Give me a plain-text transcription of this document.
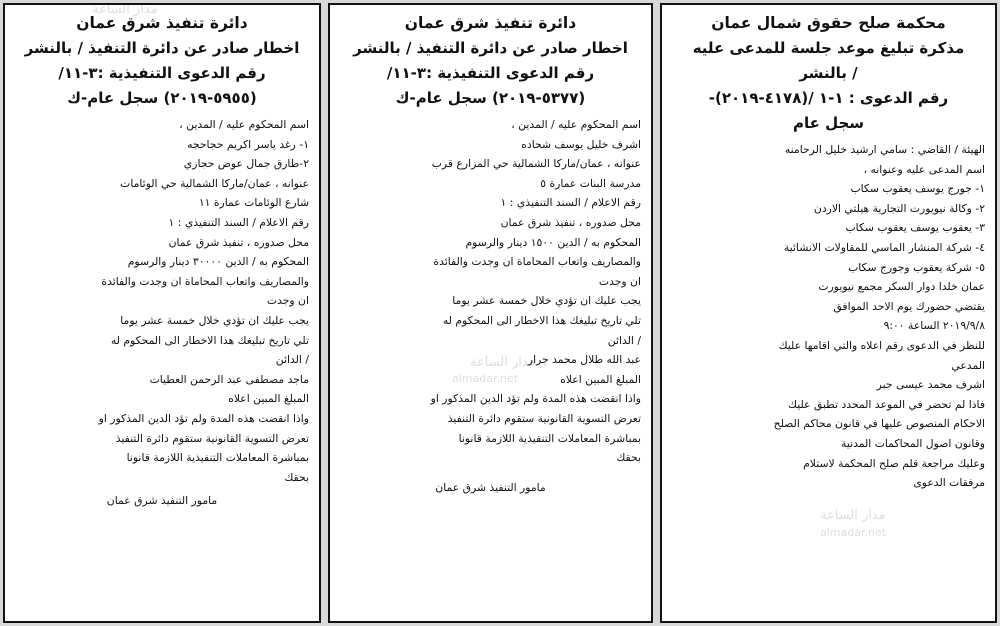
محكمة صلح حقوق شمال عمان

مذكرة تبليغ موعد جلسة للمدعى عليه

/ بالنشر

رقم الدعوى : ١-١ /(٤١٧٨-٢٠١٩)-

سجل عام

الهيئة / القاضي : سامي ارشيد خليل الرحامنه

اسم المدعى عليه وعنوانه ،

١- جورج يوسف يعقوب سكاب

٢- وكالة نيويورت التجارية هيلتي الاردن

٣- يعقوب يوسف يعقوب سكاب

٤- شركة المنشار الماسي للمقاولات الانشائية

٥- شركة يعقوب وجورج سكاب

عمان خلدا دوار السكر مجمع نيويورت

يقتضي حضورك يوم الاحد الموافق

٢٠١٩/٩/٨ الساعة ٩:٠٠

للنظر في الدعوى رقم اعلاه والتي اقامها عليك

المدعي

اشرف محمد عيسى جبر

فاذا لم تحضر في الموعد المحدد تطبق عليك

الاحكام المنصوص عليها في قانون محاكم الصلح

وقانون اصول المحاكمات المدنية

وعليك مراجعة قلم صلح المحكمة لاستلام

مرفقات الدعوى

دائرة تنفيذ شرق عمان

اخطار صادر عن دائرة التنفيذ / بالنشر

رقم الدعوى التنفيذية :٣-١١/

(٥٣٧٧-٢٠١٩) سجل عام-ك

اسم المحكوم عليه / المدين ،

اشرف خليل يوسف شحاده

عنوانه ، عمان/ماركا الشمالية حي المزارع قرب

مدرسة البنات عمارة ٥

رقم الاعلام / السند التنفيذي : ١

محل صدوره ، تنفيذ شرق عمان

المحكوم به / الدين ١٥٠٠ دينار والرسوم

والمصاريف واتعاب المحاماة ان وجدت والفائدة

ان وجدت

يجب عليك ان تؤدي خلال خمسة عشر يوما

تلي تاريخ تبليغك هذا الاخطار الى المحكوم له

/ الدائن

عبد الله طلال محمد جرار

المبلغ المبين اعلاه

واذا انقضت هذه المدة ولم تؤد الدين المذكور او

تعرض التسوية القانونية ستقوم دائرة التنفيذ

بمباشرة المعاملات التنفيذية اللازمة قانونا

بحقك

مامور التنفيذ شرق عمان

دائرة تنفيذ شرق عمان

اخطار صادر عن دائرة التنفيذ / بالنشر

رقم الدعوى التنفيذية :٣-١١/

(٥٩٥٥-٢٠١٩) سجل عام-ك

اسم المحكوم عليه / المدين ،

١- رغد ياسر اكريم حجاحجه

٢-طارق جمال عوض حجازي

عنوانه ، عمان/ماركا الشمالية حي الوئامات

شارع الوئامات عمارة ١١

رقم الاعلام / السند التنفيذي : ١

محل صدوره ، تنفيذ شرق عمان

المحكوم به / الدين ٣٠٠٠٠ دينار والرسوم

والمصاريف واتعاب المحاماة ان وجدت والفائدة

ان وجدت

يجب عليك ان تؤدي خلال خمسة عشر يوما

تلي تاريخ تبليغك هذا الاخطار الى المحكوم له

/ الدائن

ماجد مصطفى عبد الرحمن العطيات

المبلغ المبين اعلاه

واذا انقضت هذه المدة ولم تؤد الدين المذكور او

تعرض التسوية القانونية ستقوم دائرة التنفيذ

بمباشرة المعاملات التنفيذية اللازمة قانونا

بحقك

مامور التنفيذ شرق عمان
